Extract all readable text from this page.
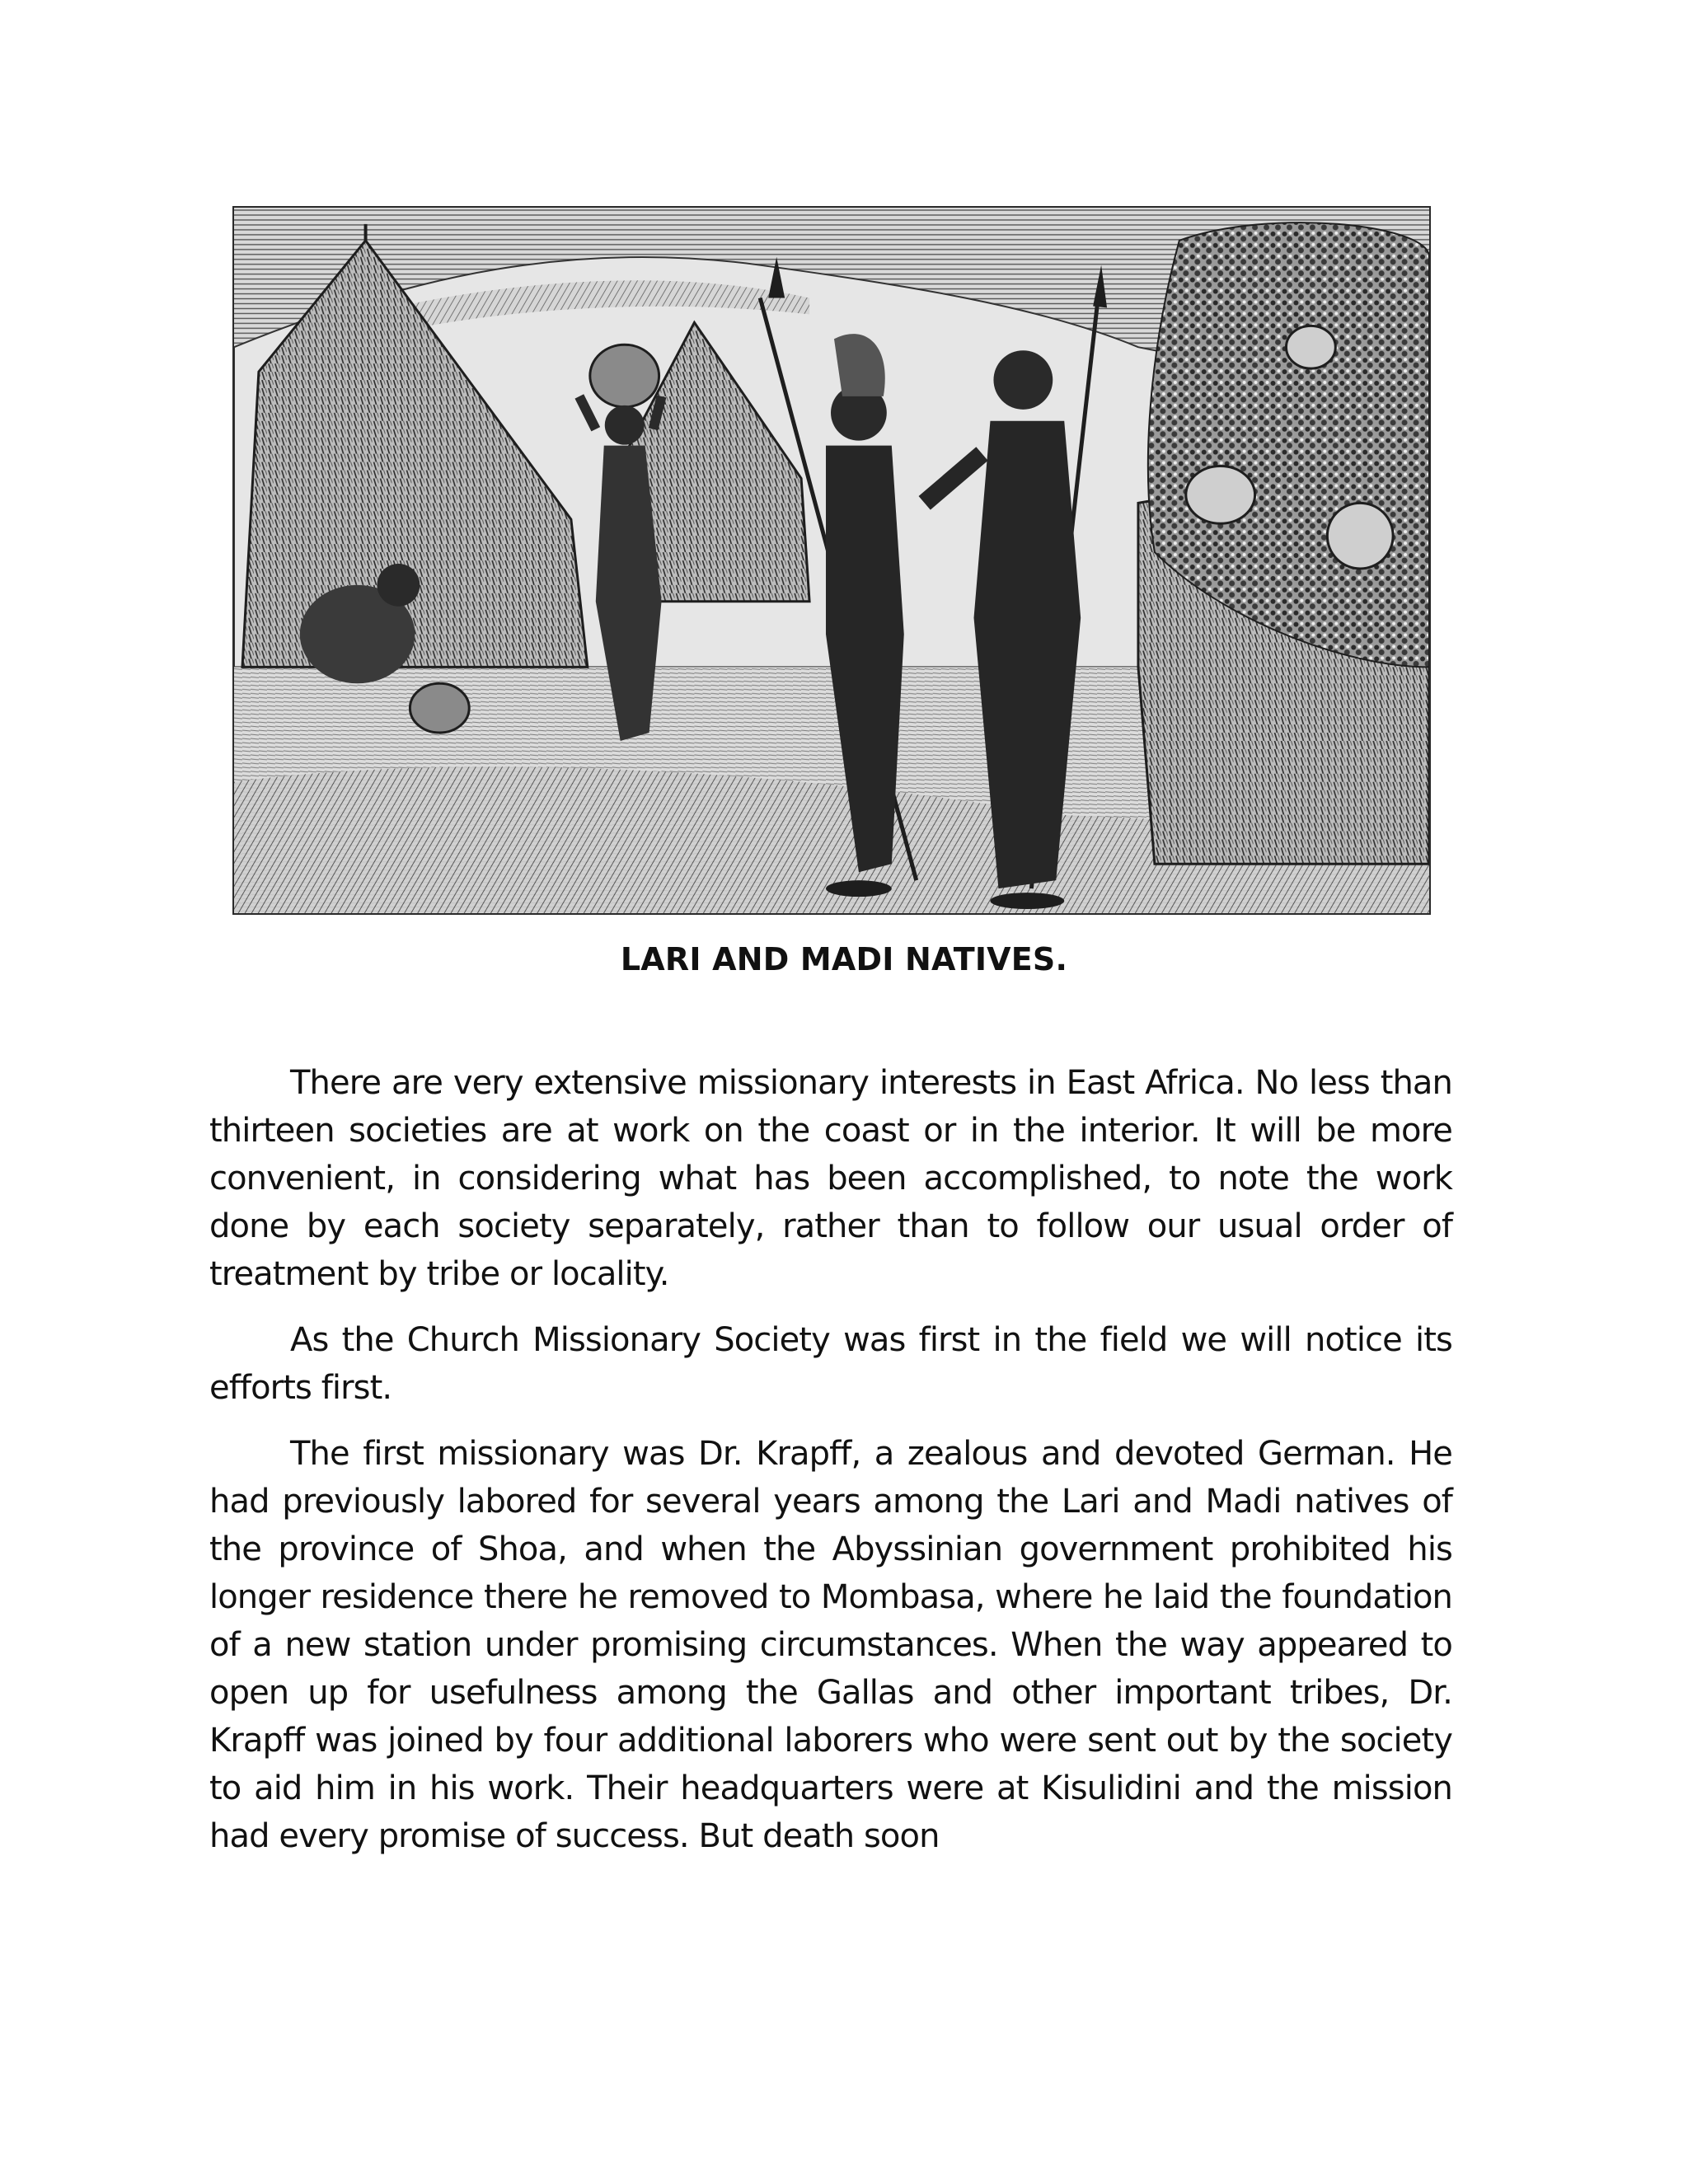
LARI AND MADI NATIVES.

There are very extensive missionary interests in East Africa. No less than thirteen societies are at work on the coast or in the interior. It will be more convenient, in considering what has been accomplished, to note the work done by each society separately, rather than to follow our usual order of treatment by tribe or locality.

As the Church Missionary Society was first in the field we will notice its efforts first.

The first missionary was Dr. Krapff, a zealous and devoted German. He had previously labored for several years among the Lari and Madi natives of the province of Shoa, and when the Abyssinian government prohibited his longer residence there he removed to Mombasa, where he laid the foundation of a new station under promising circumstances. When the way appeared to open up for usefulness among the Gallas and other important tribes, Dr. Krapff was joined by four additional laborers who were sent out by the society to aid him in his work. Their headquarters were at Kisulidini and the mission had every promise of success. But death soon
